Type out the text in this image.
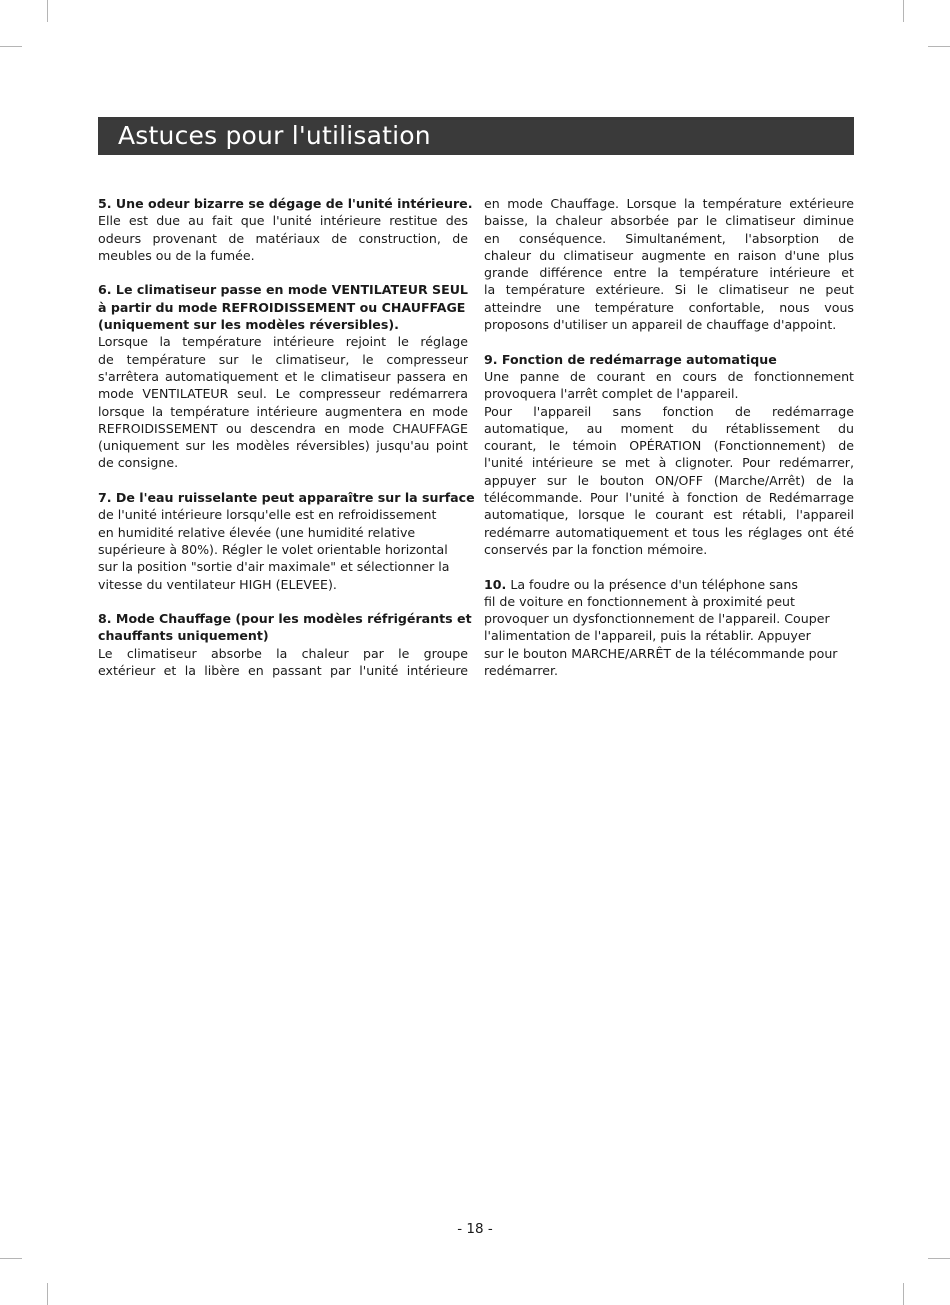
Astuces pour l'utilisation
5. Une odeur bizarre se dégage de l'unité intérieure.
Elle est due au fait que l'unité intérieure restitue des
odeurs provenant de matériaux de construction, de
meubles ou de la fumée.
6. Le climatiseur passe en mode VENTILATEUR SEUL
à partir du mode REFROIDISSEMENT ou CHAUFFAGE
(uniquement sur les modèles réversibles).
Lorsque la température intérieure rejoint le réglage
de température sur le climatiseur, le compresseur
s'arrêtera automatiquement et le climatiseur passera en
mode VENTILATEUR seul. Le compresseur redémarrera
lorsque la température intérieure augmentera en mode
REFROIDISSEMENT ou descendra en mode CHAUFFAGE
(uniquement sur les modèles réversibles) jusqu'au point
de consigne.
7. De l'eau ruisselante peut apparaître sur la surface
de l'unité intérieure lorsqu'elle est en refroidissement
en humidité relative élevée (une humidité relative
supérieure à 80%). Régler le volet orientable horizontal
sur la position "sortie d'air maximale" et sélectionner la
vitesse du ventilateur HIGH (ELEVEE).
8. Mode Chauffage (pour les modèles réfrigérants et
chauffants uniquement)
Le climatiseur absorbe la chaleur par le groupe
extérieur et la libère en passant par l'unité intérieure
en mode Chauffage. Lorsque la température extérieure
baisse, la chaleur absorbée par le climatiseur diminue
en conséquence. Simultanément, l'absorption de
chaleur du climatiseur augmente en raison d'une plus
grande différence entre la température intérieure et
la température extérieure. Si le climatiseur ne peut
atteindre une température confortable, nous vous
proposons d'utiliser un appareil de chauffage d'appoint.
9. Fonction de redémarrage automatique
Une panne de courant en cours de fonctionnement
provoquera l'arrêt complet de l'appareil.
Pour l'appareil sans fonction de redémarrage
automatique, au moment du rétablissement du
courant, le témoin OPÉRATION (Fonctionnement) de
l'unité intérieure se met à clignoter. Pour redémarrer,
appuyer sur le bouton ON/OFF (Marche/Arrêt) de la
télécommande. Pour l'unité à fonction de Redémarrage
automatique, lorsque le courant est rétabli, l'appareil
redémarre automatiquement et tous les réglages ont été
conservés par la fonction mémoire.
10. La foudre ou la présence d'un téléphone sans
fil de voiture en fonctionnement à proximité peut
provoquer un dysfonctionnement de l'appareil. Couper
l'alimentation de l'appareil, puis la rétablir. Appuyer
sur le bouton MARCHE/ARRÊT de la télécommande pour
redémarrer.
- 18 -
